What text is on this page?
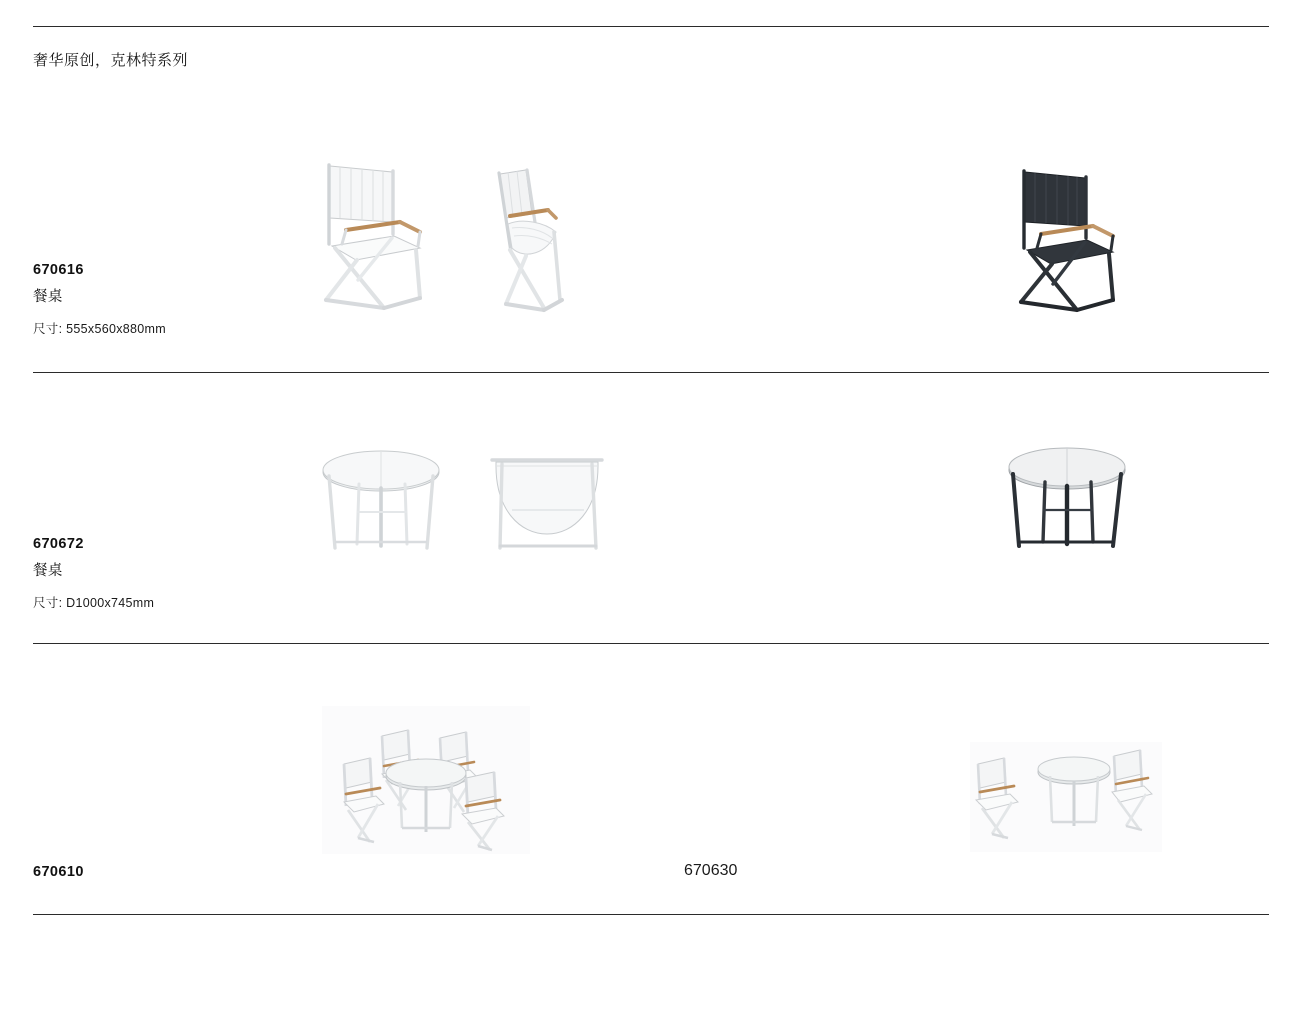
奢华原创，克林特系列
670616
餐桌
尺寸: 555x560x880mm
670672
餐桌
尺寸: D1000x745mm
670610	670630
